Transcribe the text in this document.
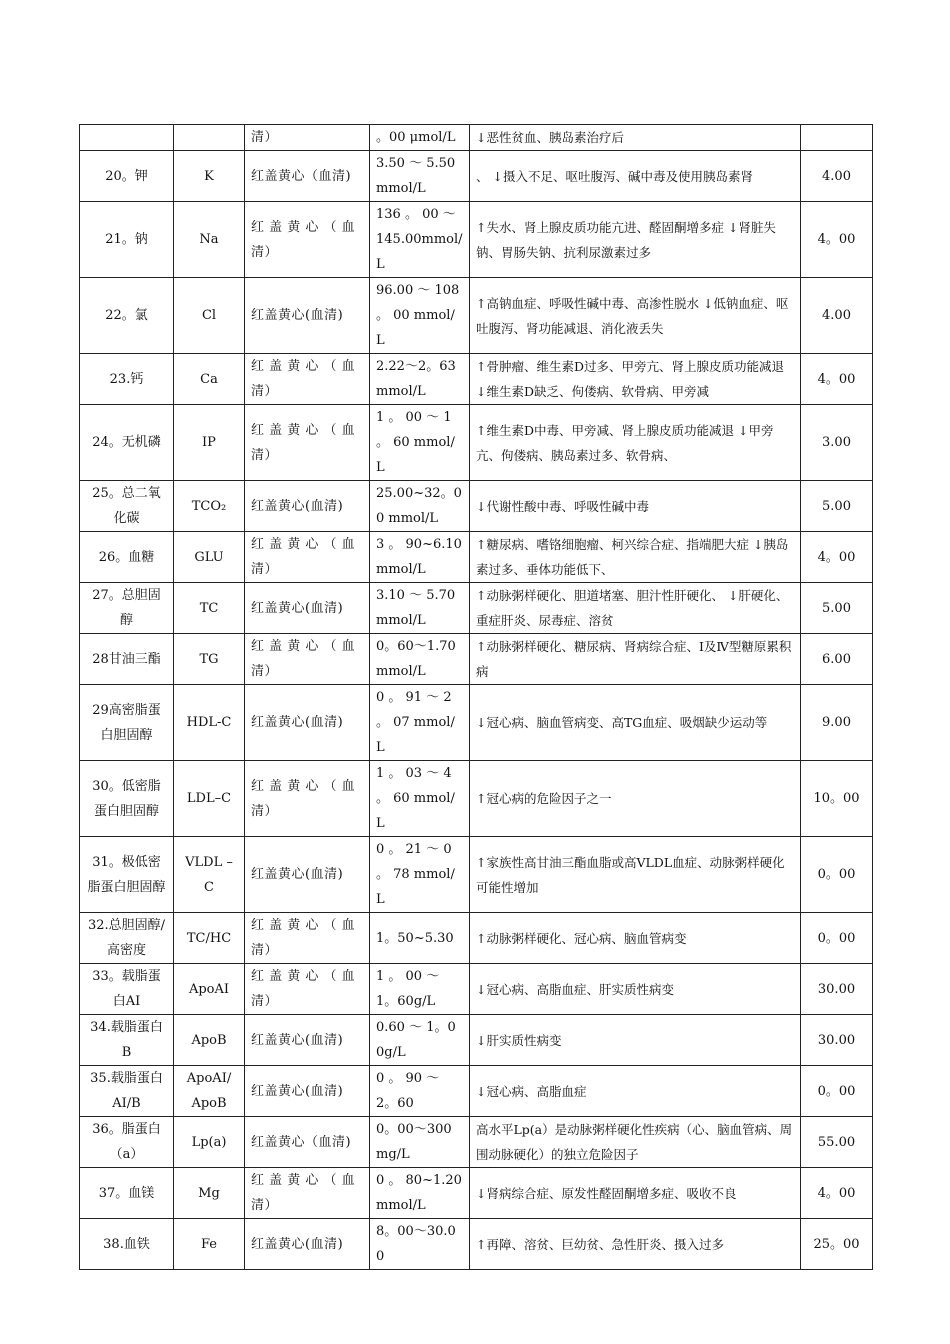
		清）	。00 μmol/L	↓恶性贫血、胰岛素治疗后	
20。钾	K	红盖黄心（血清)	3.50 ～ 5.50 mmol/L	、 ↓摄入不足、呕吐腹泻、碱中毒及使用胰岛素肾	4.00
21。钠	Na	红 盖 黄 心 （ 血 清）	136 。 00 ～ 145.00mmol/L	↑失水、肾上腺皮质功能亢进、醛固酮增多症 ↓肾脏失钠、胃肠失钠、抗利尿激素过多	4。00
22。氯	Cl	红盖黄心(血清)	96.00 ～ 108 。 00 mmol/L	↑高钠血症、呼吸性碱中毒、高渗性脱水 ↓低钠血症、呕吐腹泻、肾功能减退、消化液丢失	4.00
23.钙	Ca	红 盖 黄 心 （ 血 清）	2.22～2。63 mmol/L	↑骨肿瘤、维生素D过多、甲旁亢、肾上腺皮质功能减退↓维生素D缺乏、佝偻病、软骨病、甲旁减	4。00
24。无机磷	IP	红 盖 黄 心 （ 血 清）	1 。 00 ～ 1 。 60 mmol/L	↑维生素D中毒、甲旁减、肾上腺皮质功能减退 ↓甲旁亢、佝偻病、胰岛素过多、软骨病、	3.00
25。总二氧化碳	TCO₂	红盖黄心(血清)	25.00~32。00 mmol/L	↓代谢性酸中毒、呼吸性碱中毒	5.00
26。血糖	GLU	红 盖 黄 心 （ 血 清）	3 。 90~6.10 mmol/L	↑糖尿病、嗜铬细胞瘤、柯兴综合症、指端肥大症 ↓胰岛素过多、垂体功能低下、	4。00
27。总胆固醇	TC	红盖黄心(血清)	3.10 ～ 5.70 mmol/L	↑动脉粥样硬化、胆道堵塞、胆汁性肝硬化、 ↓肝硬化、重症肝炎、尿毒症、溶贫	5.00
28甘油三酯	TG	红 盖 黄 心 （ 血 清）	0。60～1.70 mmol/L	↑动脉粥样硬化、糖尿病、肾病综合症、Ⅰ及Ⅳ型糖原累积病	6.00
29高密脂蛋白胆固醇	HDL-C	红盖黄心(血清)	0 。 91 ～ 2 。 07 mmol/L	↓冠心病、脑血管病变、高TG血症、吸烟缺少运动等	9.00
30。低密脂蛋白胆固醇	LDL–C	红 盖 黄 心 （ 血 清）	1 。 03 ～ 4 。 60 mmol/L	↑冠心病的危险因子之一	10。00
31。极低密脂蛋白胆固醇	VLDL – C	红盖黄心(血清)	0 。 21 ～ 0 。 78 mmol/L	↑家族性高甘油三酯血脂或高VLDL血症、动脉粥样硬化可能性增加	0。00
32.总胆固醇/高密度	TC/HC	红 盖 黄 心 （ 血 清）	1。50~5.30	↑动脉粥样硬化、冠心病、脑血管病变	0。00
33。载脂蛋白AI	ApoAI	红 盖 黄 心 （ 血 清）	1 。 00 ～ 1。60g/L	↓冠心病、高脂血症、肝实质性病变	30.00
34.载脂蛋白B	ApoB	红盖黄心(血清)	0.60 ～ 1。00g/L	↓肝实质性病变	30.00
35.载脂蛋白AI/B	ApoAI/ ApoB	红盖黄心(血清)	0 。 90 ～ 2。60	↓冠心病、高脂血症	0。00
36。脂蛋白（a）	Lp(a)	红盖黄心（血清)	0。00～300 mg/L	高水平Lp(a）是动脉粥样硬化性疾病（心、脑血管病、周围动脉硬化）的独立危险因子	55.00
37。血镁	Mg	红 盖 黄 心 （ 血 清）	0 。 80~1.20 mmol/L	↓肾病综合症、原发性醛固酮增多症、吸收不良	4。00
38.血铁	Fe	红盖黄心(血清)	8。00～30.00	↑再障、溶贫、巨幼贫、急性肝炎、摄入过多	25。00
